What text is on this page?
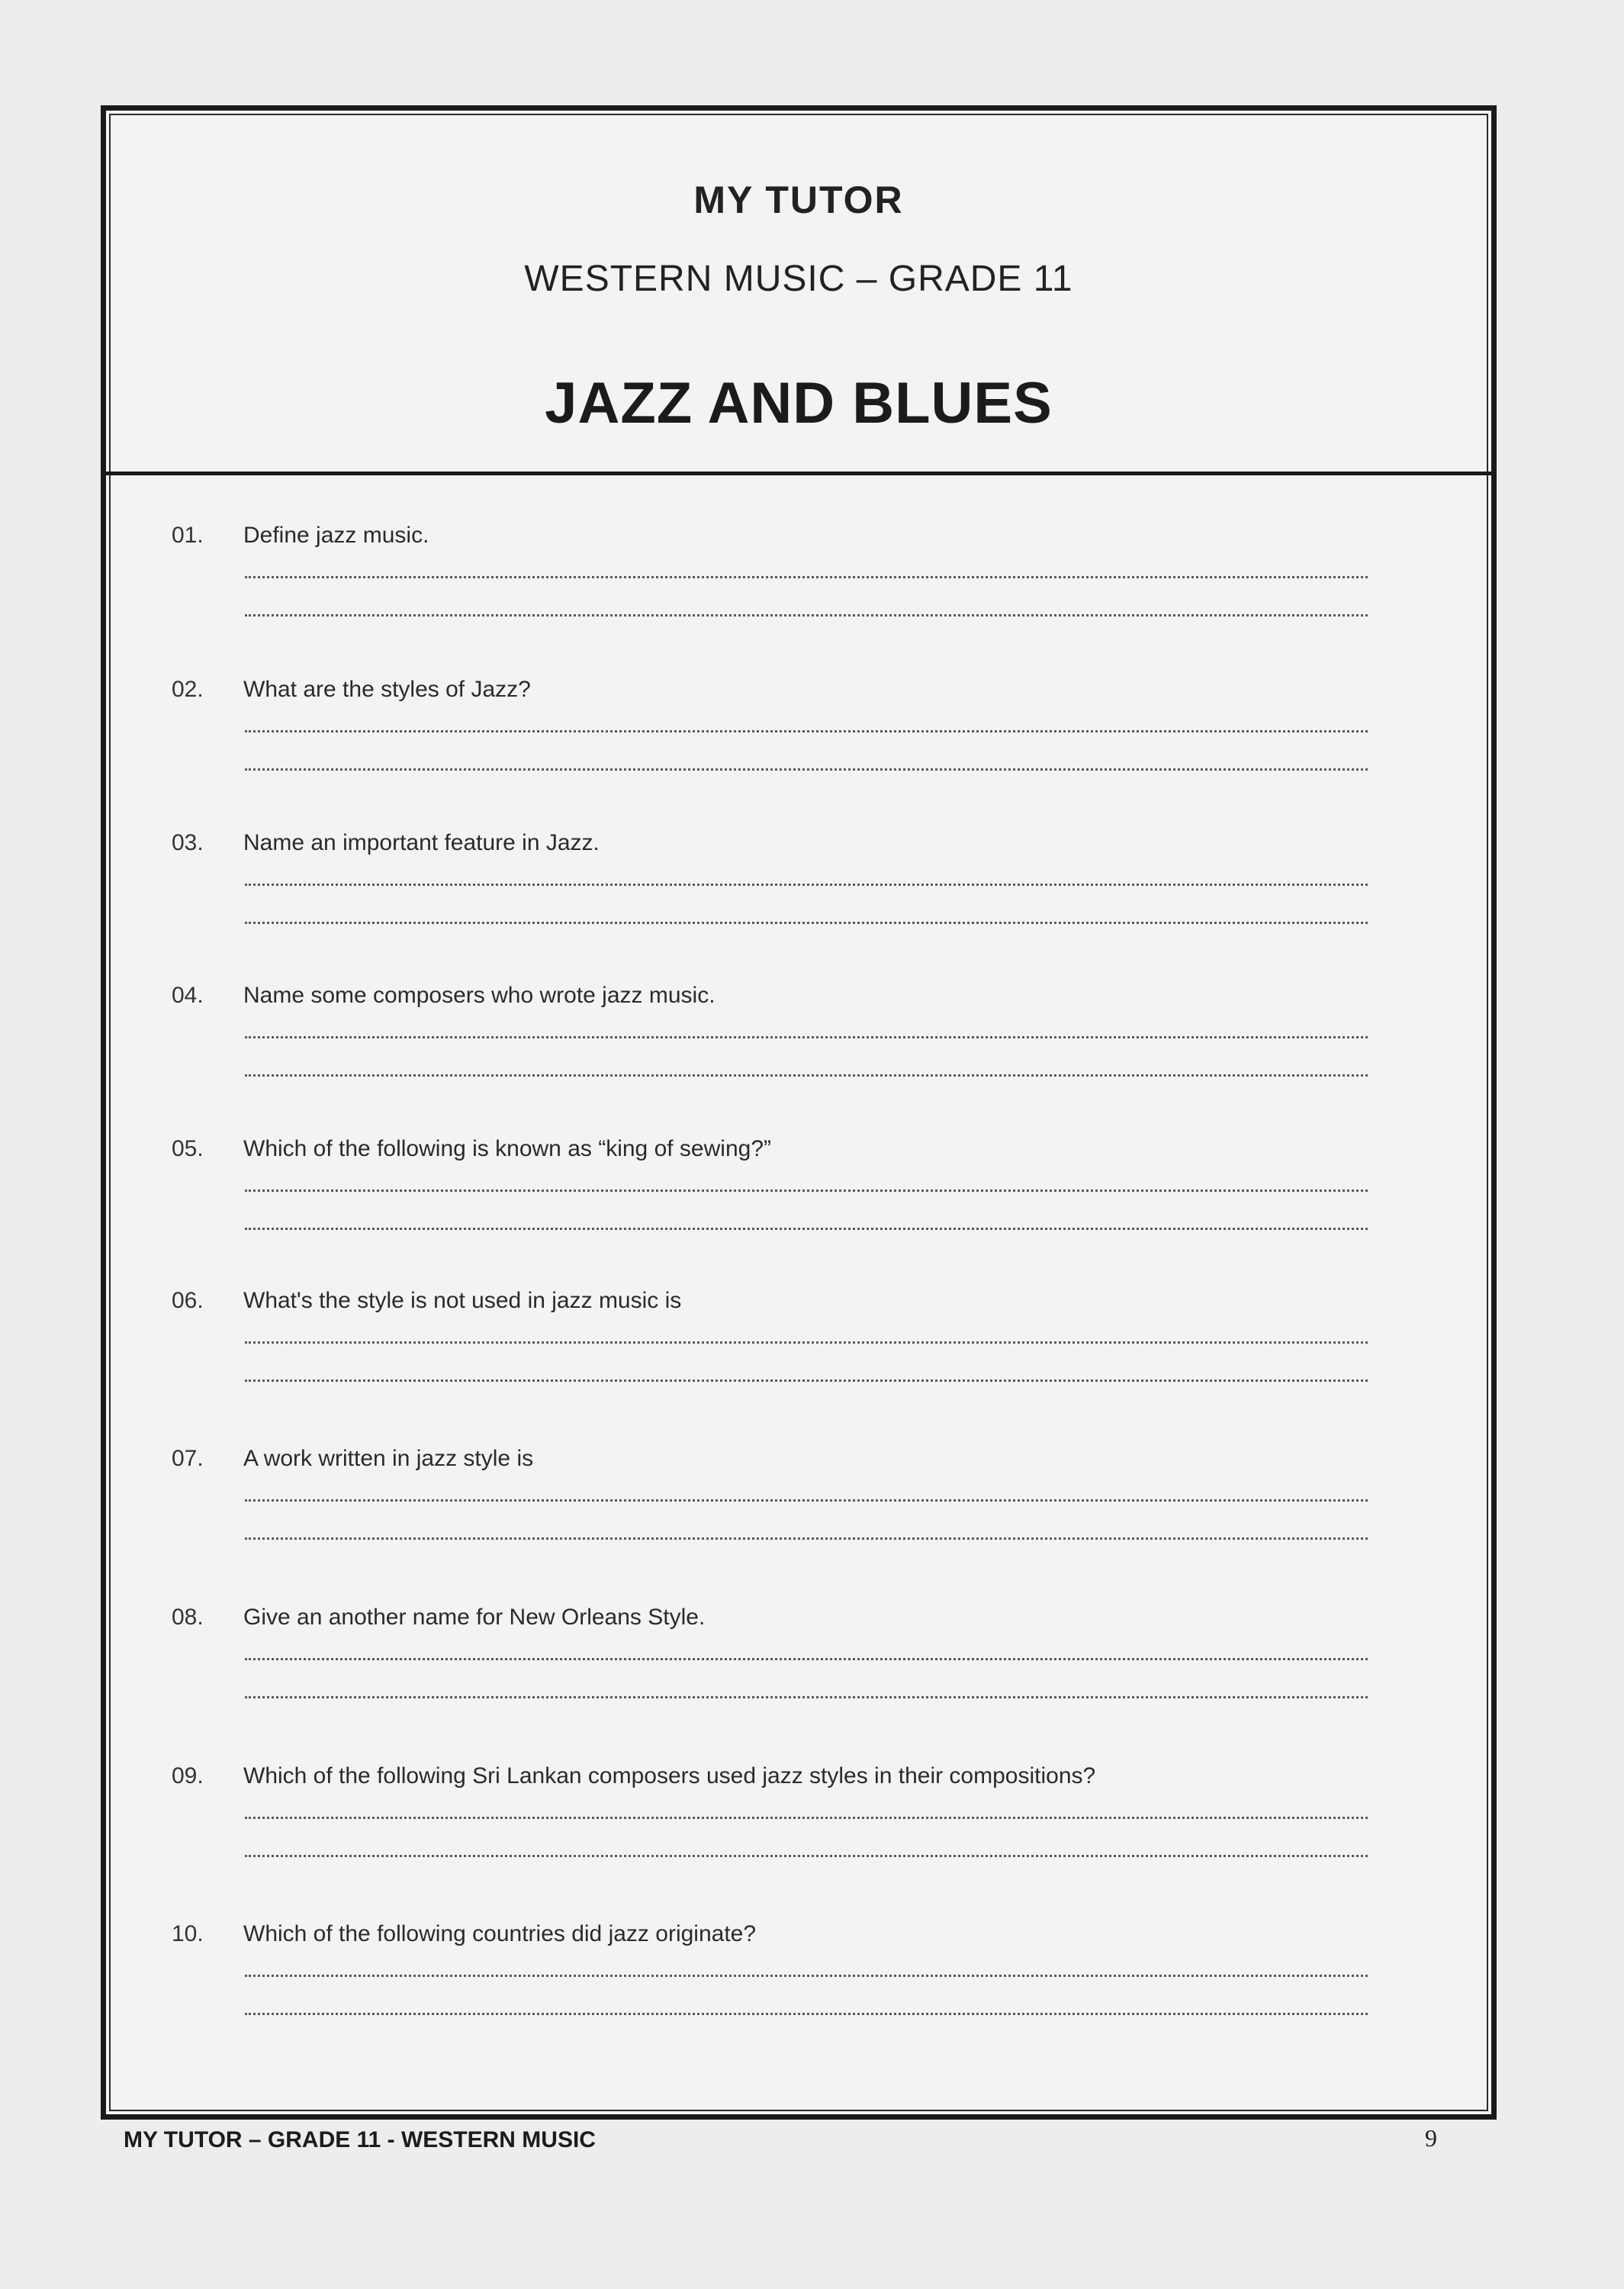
MY TUTOR
WESTERN MUSIC – GRADE 11
JAZZ AND BLUES
01. Define jazz music.
02. What are the styles of Jazz?
03. Name an important feature in Jazz.
04. Name some composers who wrote jazz music.
05. Which of the following is known as “king of sewing?”
06. What's the style is not used in jazz music is
07. A work written in jazz style is
08. Give an another name for New Orleans Style.
09. Which of the following Sri Lankan composers used jazz styles in their compositions?
10. Which of the following countries did jazz originate?
MY TUTOR – GRADE 11 - WESTERN MUSIC	9
